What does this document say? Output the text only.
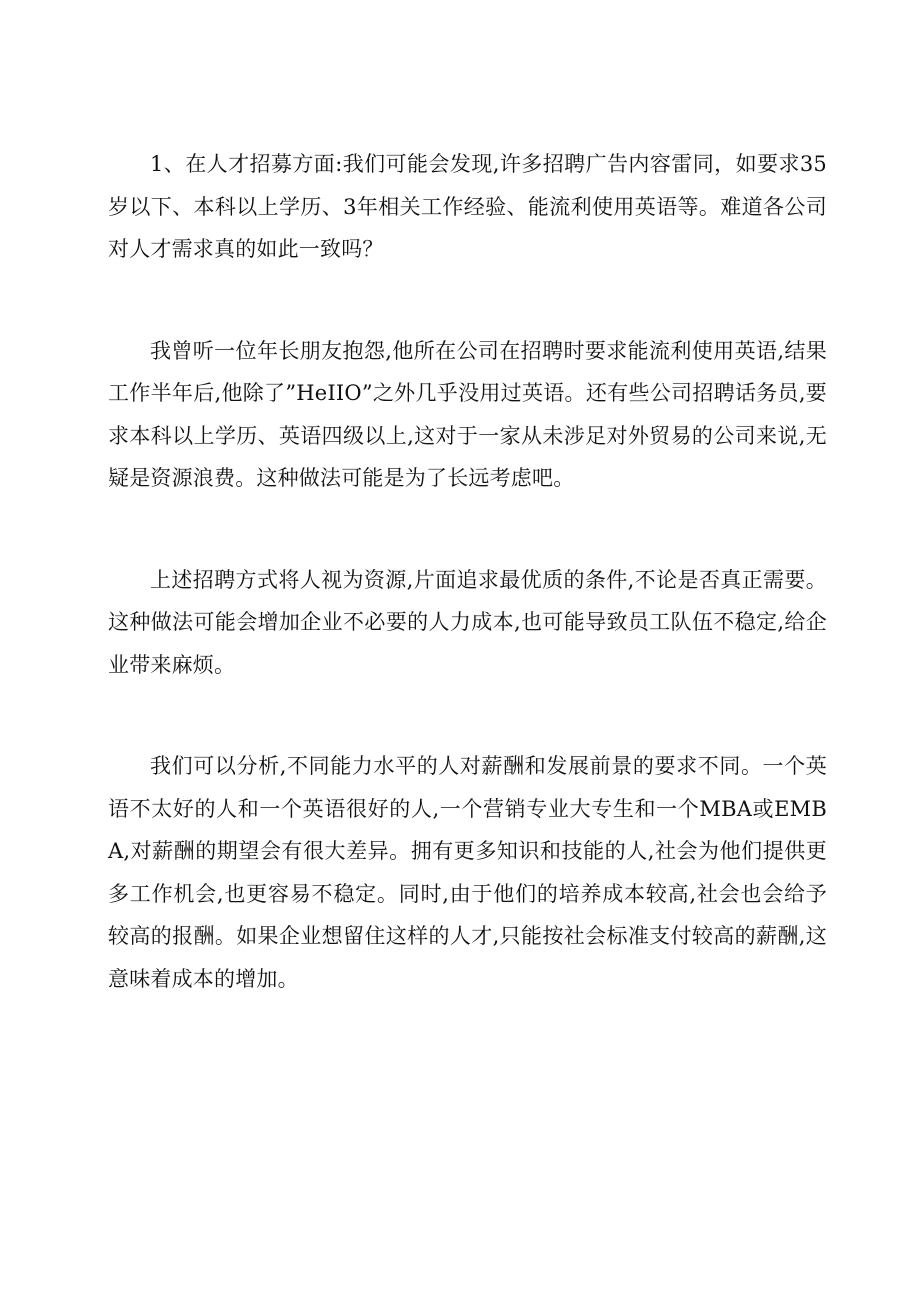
1、在人才招募方面:我们可能会发现,许多招聘广告内容雷同，如要求35岁以下、本科以上学历、3年相关工作经验、能流利使用英语等。难道各公司对人才需求真的如此一致吗？

我曾听一位年长朋友抱怨,他所在公司在招聘时要求能流利使用英语,结果工作半年后,他除了”HeIIO”之外几乎没用过英语。还有些公司招聘话务员,要求本科以上学历、英语四级以上,这对于一家从未涉足对外贸易的公司来说,无疑是资源浪费。这种做法可能是为了长远考虑吧。

上述招聘方式将人视为资源,片面追求最优质的条件,不论是否真正需要。这种做法可能会增加企业不必要的人力成本,也可能导致员工队伍不稳定,给企业带来麻烦。

我们可以分析,不同能力水平的人对薪酬和发展前景的要求不同。一个英语不太好的人和一个英语很好的人,一个营销专业大专生和一个MBA或EMBA,对薪酬的期望会有很大差异。拥有更多知识和技能的人,社会为他们提供更多工作机会,也更容易不稳定。同时,由于他们的培养成本较高,社会也会给予较高的报酬。如果企业想留住这样的人才,只能按社会标准支付较高的薪酬,这意味着成本的增加。
